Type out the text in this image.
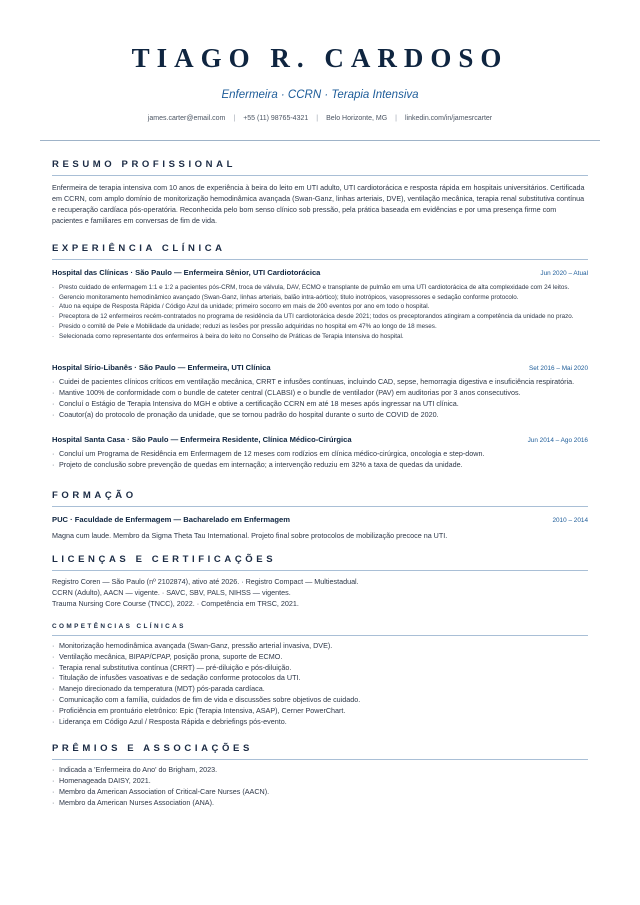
TIAGO R. CARDOSO
Enfermeira · CCRN · Terapia Intensiva
james.carter@email.com | +55 (11) 98765-4321 | Belo Horizonte, MG | linkedin.com/in/jamesrcarter
RESUMO PROFISSIONAL

Enfermeira de terapia intensiva com 10 anos de experiência à beira do leito em UTI adulto, UTI cardiotorácica e resposta rápida em hospitais universitários. Certificada em CCRN, com amplo domínio de monitorização hemodinâmica avançada (Swan-Ganz, linhas arteriais, DVE), ventilação mecânica, terapia renal substitutiva contínua e recuperação cardíaca pós-operatória. Reconhecida pelo bom senso clínico sob pressão, pela prática baseada em evidências e por uma presença firme com pacientes e familiares em conversas de fim de vida.

EXPERIÊNCIA CLÍNICA
Hospital das Clínicas · São Paulo — Enfermeira Sênior, UTI Cardiotorácica	Jun 2020 – Atual
· Presto cuidado de enfermagem 1:1 e 1:2 a pacientes pós-CRM, troca de válvula, DAV, ECMO e transplante de pulmão em uma UTI cardiotorácica de alta complexidade com 24 leitos.
· Gerencio monitoramento hemodinâmico avançado (Swan-Ganz, linhas arteriais, balão intra-aórtico); titulo inotrópicos, vasopressores e sedação conforme protocolo.
· Atuo na equipe de Resposta Rápida / Código Azul da unidade; primeiro socorro em mais de 200 eventos por ano em todo o hospital.
· Preceptora de 12 enfermeiros recém-contratados no programa de residência da UTI cardiotorácica desde 2021; todos os preceptorandos atingiram a competência da unidade no prazo.
· Presido o comitê de Pele e Mobilidade da unidade; reduzi as lesões por pressão adquiridas no hospital em 47% ao longo de 18 meses.
· Selecionada como representante dos enfermeiros à beira do leito no Conselho de Práticas de Terapia Intensiva do hospital.
Hospital Sírio-Libanês · São Paulo — Enfermeira, UTI Clínica	Set 2016 – Mai 2020
· Cuidei de pacientes clínicos críticos em ventilação mecânica, CRRT e infusões contínuas, incluindo CAD, sepse, hemorragia digestiva e insuficiência respiratória.
· Mantive 100% de conformidade com o bundle de cateter central (CLABSI) e o bundle de ventilador (PAV) em auditorias por 3 anos consecutivos.
· Concluí o Estágio de Terapia Intensiva do MGH e obtive a certificação CCRN em até 18 meses após ingressar na UTI clínica.
· Coautor(a) do protocolo de pronação da unidade, que se tornou padrão do hospital durante o surto de COVID de 2020.
Hospital Santa Casa · São Paulo — Enfermeira Residente, Clínica Médico-Cirúrgica	Jun 2014 – Ago 2016
· Concluí um Programa de Residência em Enfermagem de 12 meses com rodízios em clínica médico-cirúrgica, oncologia e step-down.
· Projeto de conclusão sobre prevenção de quedas em internação; a intervenção reduziu em 32% a taxa de quedas da unidade.
FORMAÇÃO
PUC · Faculdade de Enfermagem — Bacharelado em Enfermagem	2010 – 2014

Magna cum laude. Membro da Sigma Theta Tau International. Projeto final sobre protocolos de mobilização precoce na UTI.

LICENÇAS E CERTIFICAÇÕES

Registro Coren — São Paulo (nº 2102874), ativo até 2026. · Registro Compact — Multiestadual.

CCRN (Adulto), AACN — vigente. · SAVC, SBV, PALS, NIHSS — vigentes.

Trauma Nursing Core Course (TNCC), 2022. · Competência em TRSC, 2021.

COMPETÊNCIAS CLÍNICAS
· Monitorização hemodinâmica avançada (Swan-Ganz, pressão arterial invasiva, DVE).
· Ventilação mecânica, BIPAP/CPAP, posição prona, suporte de ECMO.
· Terapia renal substitutiva contínua (CRRT) — pré-diluição e pós-diluição.
· Titulação de infusões vasoativas e de sedação conforme protocolos da UTI.
· Manejo direcionado da temperatura (MDT) pós-parada cardíaca.
· Comunicação com a família, cuidados de fim de vida e discussões sobre objetivos de cuidado.
· Proficiência em prontuário eletrônico: Epic (Terapia Intensiva, ASAP), Cerner PowerChart.
· Liderança em Código Azul / Resposta Rápida e debriefings pós-evento.
PRÊMIOS E ASSOCIAÇÕES
· Indicada a 'Enfermeira do Ano' do Brigham, 2023.
· Homenageada DAISY, 2021.
· Membro da American Association of Critical-Care Nurses (AACN).
· Membro da American Nurses Association (ANA).
